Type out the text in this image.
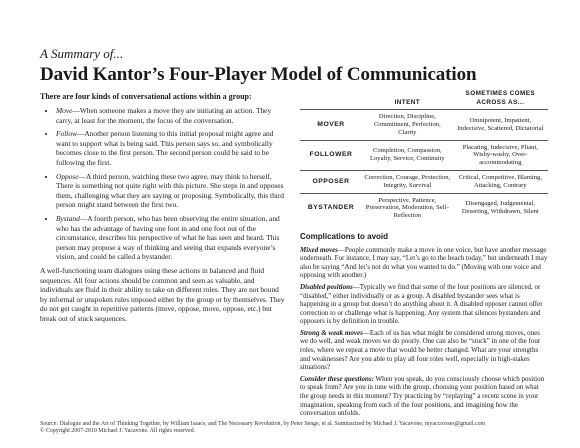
A Summary of...
David Kantor’s Four-Player Model of Communication
There are four kinds of conversational actions within a group:
• Move—When someone makes a move they are initiating an action. They carry, at least for the moment, the focus of the conversation.
• Follow—Another person listening to this initial proposal might agree and want to support what is being said. This person says so, and symbolically becomes close to the first person. The second person could be said to be following the first.
• Oppose—A third person, watching these two agree, may think to herself, There is something not quite right with this picture. She steps in and opposes them, challenging what they are saying or proposing. Symbolically, this third person might stand between the first two.
• Bystand—A fourth person, who has been observing the entire situation, and who has the advantage of having one foot in and one foot out of the circumstance, describes his perspective of what he has seen and heard. This person may propose a way of thinking and seeing that expands everyone’s vision, and could be called a bystander.
A well-functioning team dialogues using these actions in balanced and fluid sequences. All four actions should be common and seen as valuable, and individuals are fluid in their ability to take on different roles. They are not bound by informal or unspoken rules imposed either by the group or by themselves. They do not get caught in repetitive patterns (move, oppose, move, oppose, etc.) but break out of stuck sequences.
	INTENT	SOMETIMES COMES ACROSS AS...
MOVER	Direction, Discipline, Commitment, Perfection, Clarity	Omnipotent, Impatient, Indecisive, Scattered, Dictatorial
FOLLOWER	Completion, Compassion, Loyalty, Service, Continuity	Placating, Indecisive, Pliant, Wishy-washy, Over-accommodating
OPPOSER	Correction, Courage, Protection, Integrity, Survival	Critical, Competitive, Blaming, Attacking, Contrary
BYSTANDER	Perspective, Patience, Preservation, Moderation, Self-Reflection	Disengaged, Judgemental, Deserting, Withdrawn, Silent
Complications to avoid
Mixed moves—People commonly make a move in one voice, but have another message underneath. For instance, I may say, “Let’s go to the beach today,” but underneath I may also be saying “And let’s not do what you wanted to do.” (Moving with one voice and opposing with another.)
Disabled positions—Typically we find that some of the four positions are silenced, or “disabled,” either individually or as a group. A disabled bystander sees what is happening in a group but doesn’t do anything about it. A disabled opposer cannot offer correction to or challenge what is happening. Any system that silences bystanders and opposers is by definition in trouble.
Strong & weak moves—Each of us has what might be considered strong moves, ones we do well, and weak moves we do poorly. One can also be “stuck” in one of the four roles, where we repeat a move that would be better changed. What are your strengths and weaknesses? Are you able to play all four roles well, especially in high-stakes situations?
Consider these questions: When you speak, do you consciously choose which position to speak from? Are you in tune with the group, choosing your position based on what the group needs in this moment? Try practicing by “replaying” a recent scene in your imagination, speaking from each of the four positions, and imagining how the conversation unfolds.
Source: Dialogue and the Art of Thinking Together, by William Isaacs, and The Necessary Revolution, by Peter Senge, et al. Summarized by Michael J. Yacavone, myaccrosses@gmail.com
© Copyright 2007-2010 Michael J. Yacavone. All rights reserved.
